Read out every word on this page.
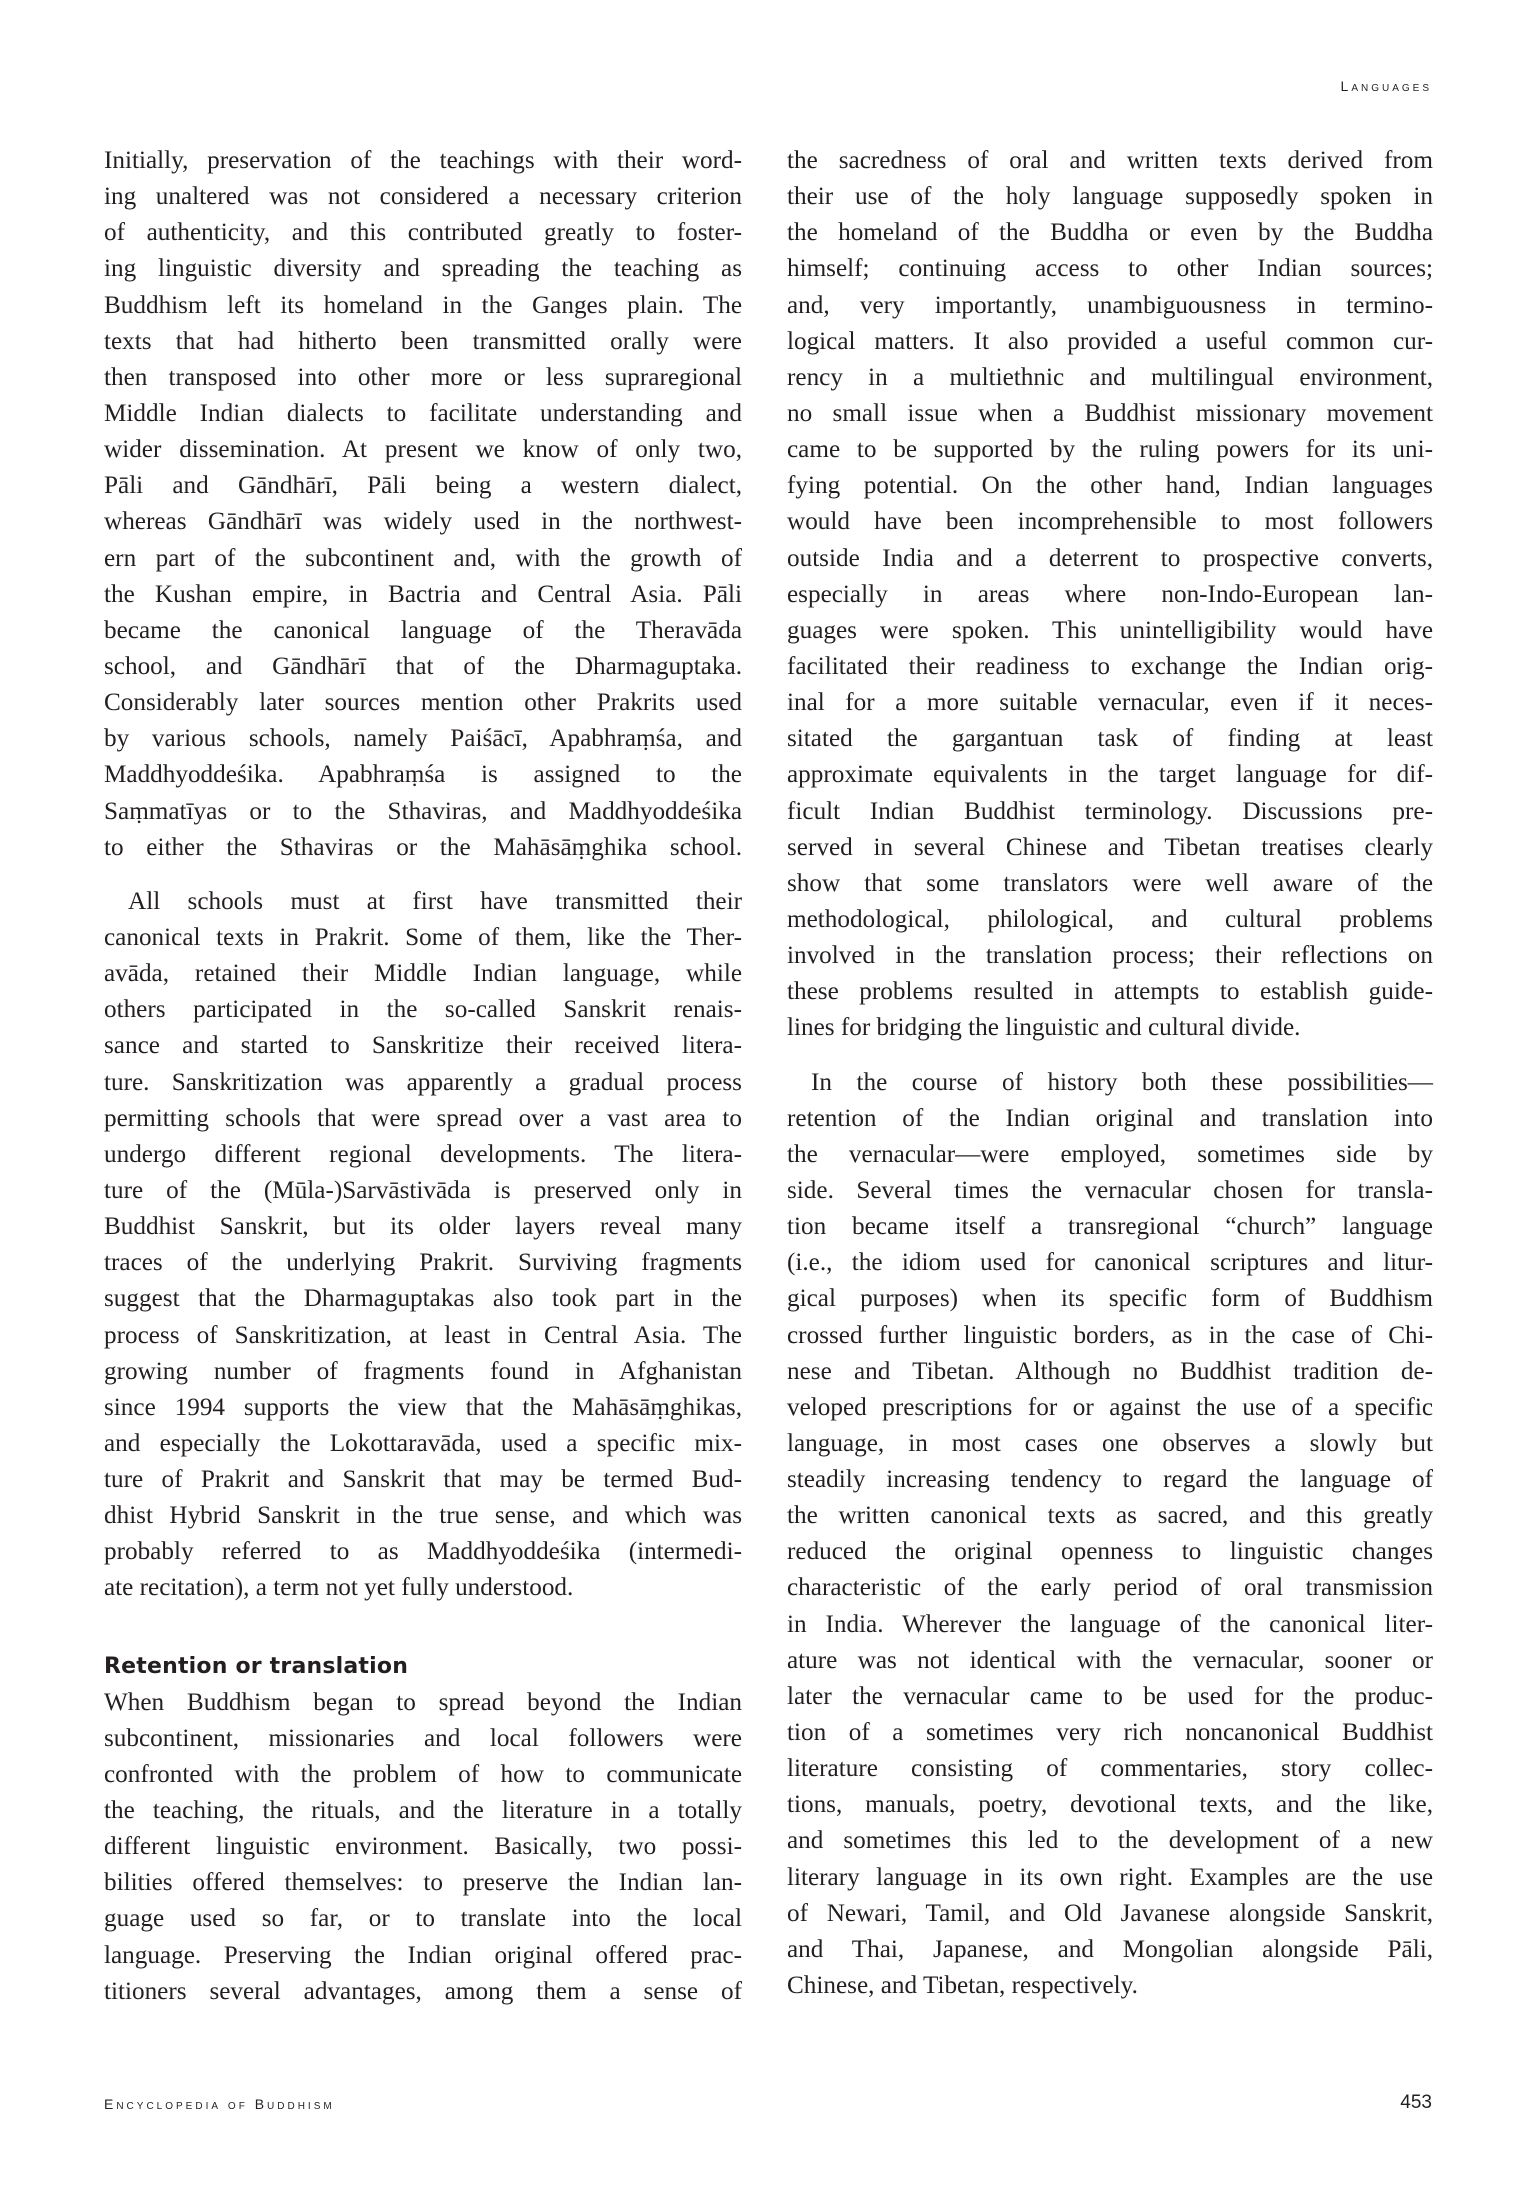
Languages
Initially, preservation of the teachings with their word-
ing unaltered was not considered a necessary criterion
of authenticity, and this contributed greatly to foster-
ing linguistic diversity and spreading the teaching as
Buddhism left its homeland in the Ganges plain. The
texts that had hitherto been transmitted orally were
then transposed into other more or less supraregional
Middle Indian dialects to facilitate understanding and
wider dissemination. At present we know of only two,
Pāli and Gāndhārī, Pāli being a western dialect,
whereas Gāndhārī was widely used in the northwest-
ern part of the subcontinent and, with the growth of
the Kushan empire, in Bactria and Central Asia. Pāli
became the canonical language of the Theravāda
school, and Gāndhārī that of the Dharmaguptaka.
Considerably later sources mention other Prakrits used
by various schools, namely Paiśācī, Apabhraṃśa, and
Maddhyoddeśika. Apabhraṃśa is assigned to the
Saṃmatīyas or to the Sthaviras, and Maddhyoddeśika
to either the Sthaviras or the Mahāsāṃghika school.
All schools must at first have transmitted their
canonical texts in Prakrit. Some of them, like the Ther-
avāda, retained their Middle Indian language, while
others participated in the so-called Sanskrit renais-
sance and started to Sanskritize their received litera-
ture. Sanskritization was apparently a gradual process
permitting schools that were spread over a vast area to
undergo different regional developments. The litera-
ture of the (Mūla-)Sarvāstivāda is preserved only in
Buddhist Sanskrit, but its older layers reveal many
traces of the underlying Prakrit. Surviving fragments
suggest that the Dharmaguptakas also took part in the
process of Sanskritization, at least in Central Asia. The
growing number of fragments found in Afghanistan
since 1994 supports the view that the Mahāsāṃghikas,
and especially the Lokottaravāda, used a specific mix-
ture of Prakrit and Sanskrit that may be termed Bud-
dhist Hybrid Sanskrit in the true sense, and which was
probably referred to as Maddhyoddeśika (intermedi-
ate recitation), a term not yet fully understood.
Retention or translation
When Buddhism began to spread beyond the Indian
subcontinent, missionaries and local followers were
confronted with the problem of how to communicate
the teaching, the rituals, and the literature in a totally
different linguistic environment. Basically, two possi-
bilities offered themselves: to preserve the Indian lan-
guage used so far, or to translate into the local
language. Preserving the Indian original offered prac-
titioners several advantages, among them a sense of
the sacredness of oral and written texts derived from
their use of the holy language supposedly spoken in
the homeland of the Buddha or even by the Buddha
himself; continuing access to other Indian sources;
and, very importantly, unambiguousness in termino-
logical matters. It also provided a useful common cur-
rency in a multiethnic and multilingual environment,
no small issue when a Buddhist missionary movement
came to be supported by the ruling powers for its uni-
fying potential. On the other hand, Indian languages
would have been incomprehensible to most followers
outside India and a deterrent to prospective converts,
especially in areas where non-Indo-European lan-
guages were spoken. This unintelligibility would have
facilitated their readiness to exchange the Indian orig-
inal for a more suitable vernacular, even if it neces-
sitated the gargantuan task of finding at least
approximate equivalents in the target language for dif-
ficult Indian Buddhist terminology. Discussions pre-
served in several Chinese and Tibetan treatises clearly
show that some translators were well aware of the
methodological, philological, and cultural problems
involved in the translation process; their reflections on
these problems resulted in attempts to establish guide-
lines for bridging the linguistic and cultural divide.
In the course of history both these possibilities—
retention of the Indian original and translation into
the vernacular—were employed, sometimes side by
side. Several times the vernacular chosen for transla-
tion became itself a transregional “church” language
(i.e., the idiom used for canonical scriptures and litur-
gical purposes) when its specific form of Buddhism
crossed further linguistic borders, as in the case of Chi-
nese and Tibetan. Although no Buddhist tradition de-
veloped prescriptions for or against the use of a specific
language, in most cases one observes a slowly but
steadily increasing tendency to regard the language of
the written canonical texts as sacred, and this greatly
reduced the original openness to linguistic changes
characteristic of the early period of oral transmission
in India. Wherever the language of the canonical liter-
ature was not identical with the vernacular, sooner or
later the vernacular came to be used for the produc-
tion of a sometimes very rich noncanonical Buddhist
literature consisting of commentaries, story collec-
tions, manuals, poetry, devotional texts, and the like,
and sometimes this led to the development of a new
literary language in its own right. Examples are the use
of Newari, Tamil, and Old Javanese alongside Sanskrit,
and Thai, Japanese, and Mongolian alongside Pāli,
Chinese, and Tibetan, respectively.
Encyclopedia of Buddhism	453
